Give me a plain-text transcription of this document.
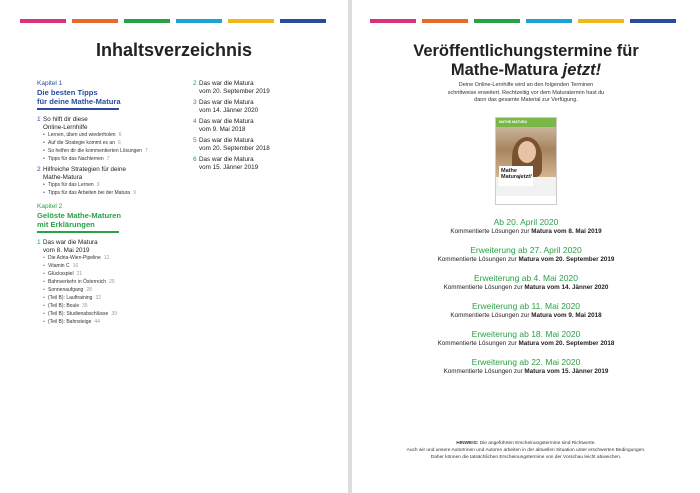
Inhaltsverzeichnis
Kapitel 1
Die besten Tipps
für deine Mathe-Matura
1 So hilft dir diese
Online-Lernhilfe
• Lernen, üben und wiederholen 6
• Auf die Strategie kommt es an 6
• So helfen dir die kommentierten Lösungen 7
• Tipps für das Nachlernen 7
2 Hilfreiche Strategien für deine
Mathe-Matura
• Tipps für das Lernen 9
• Tipps für das Arbeiten bei der Matura 9
Kapitel 2
Gelöste Mathe-Maturen
mit Erklärungen
1 Das war die Matura
vom 8. Mai 2019
• Die Adria-Wien-Pipeline 12
• Vitamin C 16
• Glücksspiel 21
• Bahnverkehr in Österreich 25
• Sonnenaufgang 28
• (Teil B): Lauftraining 32
• (Teil B): Boule 35
• (Teil B): Studienabschlüsse 39
• (Teil B): Bahnsteige 44
2 Das war die Matura
vom 20. September 2019
3 Das war die Matura
vom 14. Jänner 2020
4 Das war die Matura
vom 9. Mai 2018
5 Das war die Matura
vom 20. September 2018
6 Das war die Matura
vom 15. Jänner 2019
Veröffentlichungstermine für
Mathe-Matura jetzt!
Deine Online-Lernhilfe wird an den folgenden Terminen
schrittweise erweitert. Rechtzeitig vor dem Maturatermin hast du
dann das gesamte Material zur Verfügung.
MATHE MATURA
Mathe
Maturajetzt!
Ab 20. April 2020
Kommentierte Lösungen zur Matura vom 8. Mai 2019
Erweiterung ab 27. April 2020
Kommentierte Lösungen zur Matura vom 20. September 2019
Erweiterung ab 4. Mai 2020
Kommentierte Lösungen zur Matura vom 14. Jänner 2020
Erweiterung ab 11. Mai 2020
Kommentierte Lösungen zur Matura vom 9. Mai 2018
Erweiterung ab 18. Mai 2020
Kommentierte Lösungen zur Matura vom 20. September 2018
Erweiterung ab 22. Mai 2020
Kommentierte Lösungen zur Matura vom 15. Jänner 2019
HINWEIS: Die angeführten Erscheinungstermine sind Richtwerte.
Auch wir und unsere AutorInnen und Autoren arbeiten in der aktuellen Situation unter erschwerten Bedingungen.
Daher können die tatsächlichen Erscheinungstermine von der Vorschau leicht abweichen.
